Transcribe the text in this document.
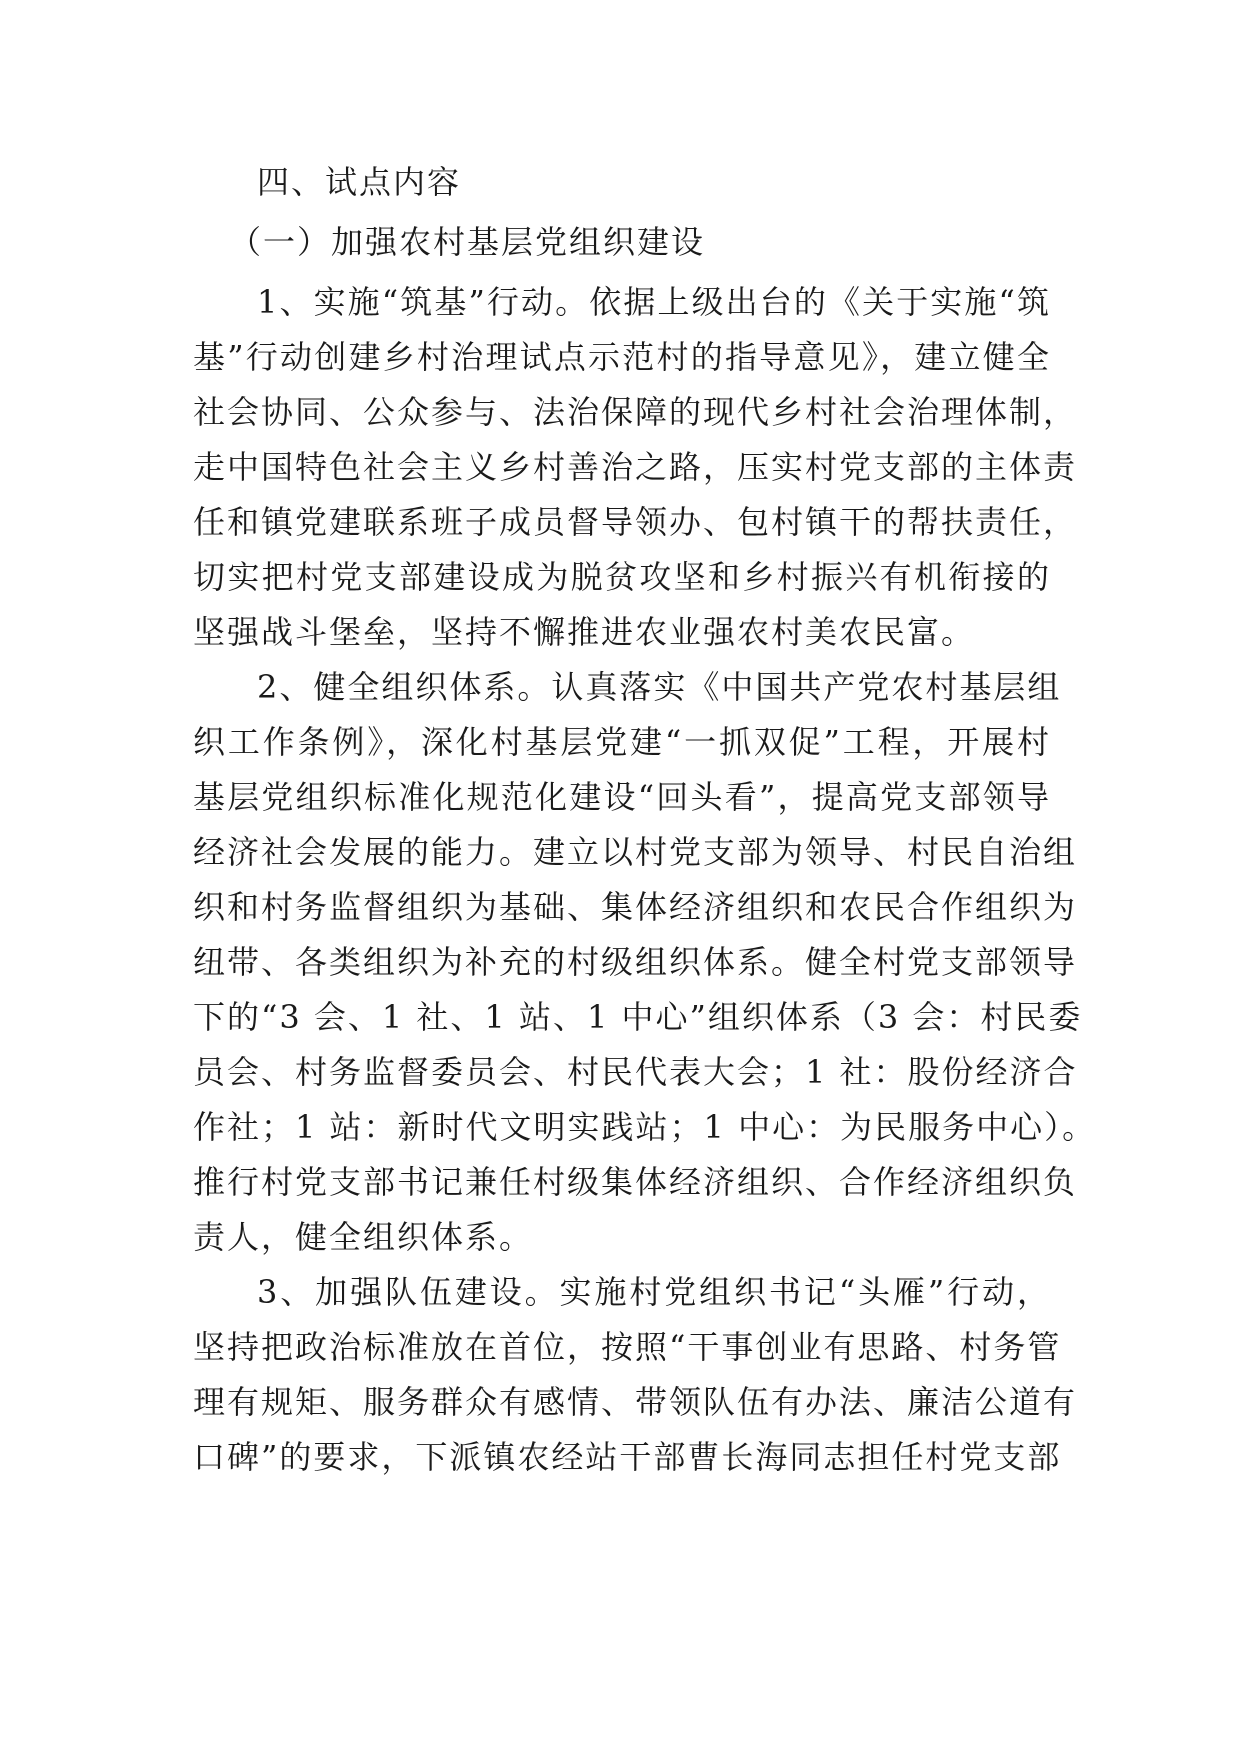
四、试点内容
（一）加强农村基层党组织建设
1、实施“筑基”行动。依据上级出台的《关于实施“筑
基”行动创建乡村治理试点示范村的指导意见》，建立健全
社会协同、公众参与、法治保障的现代乡村社会治理体制，
走中国特色社会主义乡村善治之路，压实村党支部的主体责
任和镇党建联系班子成员督导领办、包村镇干的帮扶责任，
切实把村党支部建设成为脱贫攻坚和乡村振兴有机衔接的
坚强战斗堡垒，坚持不懈推进农业强农村美农民富。
2、健全组织体系。认真落实《中国共产党农村基层组
织工作条例》，深化村基层党建“一抓双促”工程，开展村
基层党组织标准化规范化建设“回头看”，提高党支部领导
经济社会发展的能力。建立以村党支部为领导、村民自治组
织和村务监督组织为基础、集体经济组织和农民合作组织为
纽带、各类组织为补充的村级组织体系。健全村党支部领导
下的“3 会、1 社、1 站、1 中心”组织体系（3 会：村民委
员会、村务监督委员会、村民代表大会；1 社：股份经济合
作社；1 站：新时代文明实践站；1 中心：为民服务中心）。
推行村党支部书记兼任村级集体经济组织、合作经济组织负
责人，健全组织体系。
3、加强队伍建设。实施村党组织书记“头雁”行动，
坚持把政治标准放在首位，按照“干事创业有思路、村务管
理有规矩、服务群众有感情、带领队伍有办法、廉洁公道有
口碑”的要求，下派镇农经站干部曹长海同志担任村党支部
